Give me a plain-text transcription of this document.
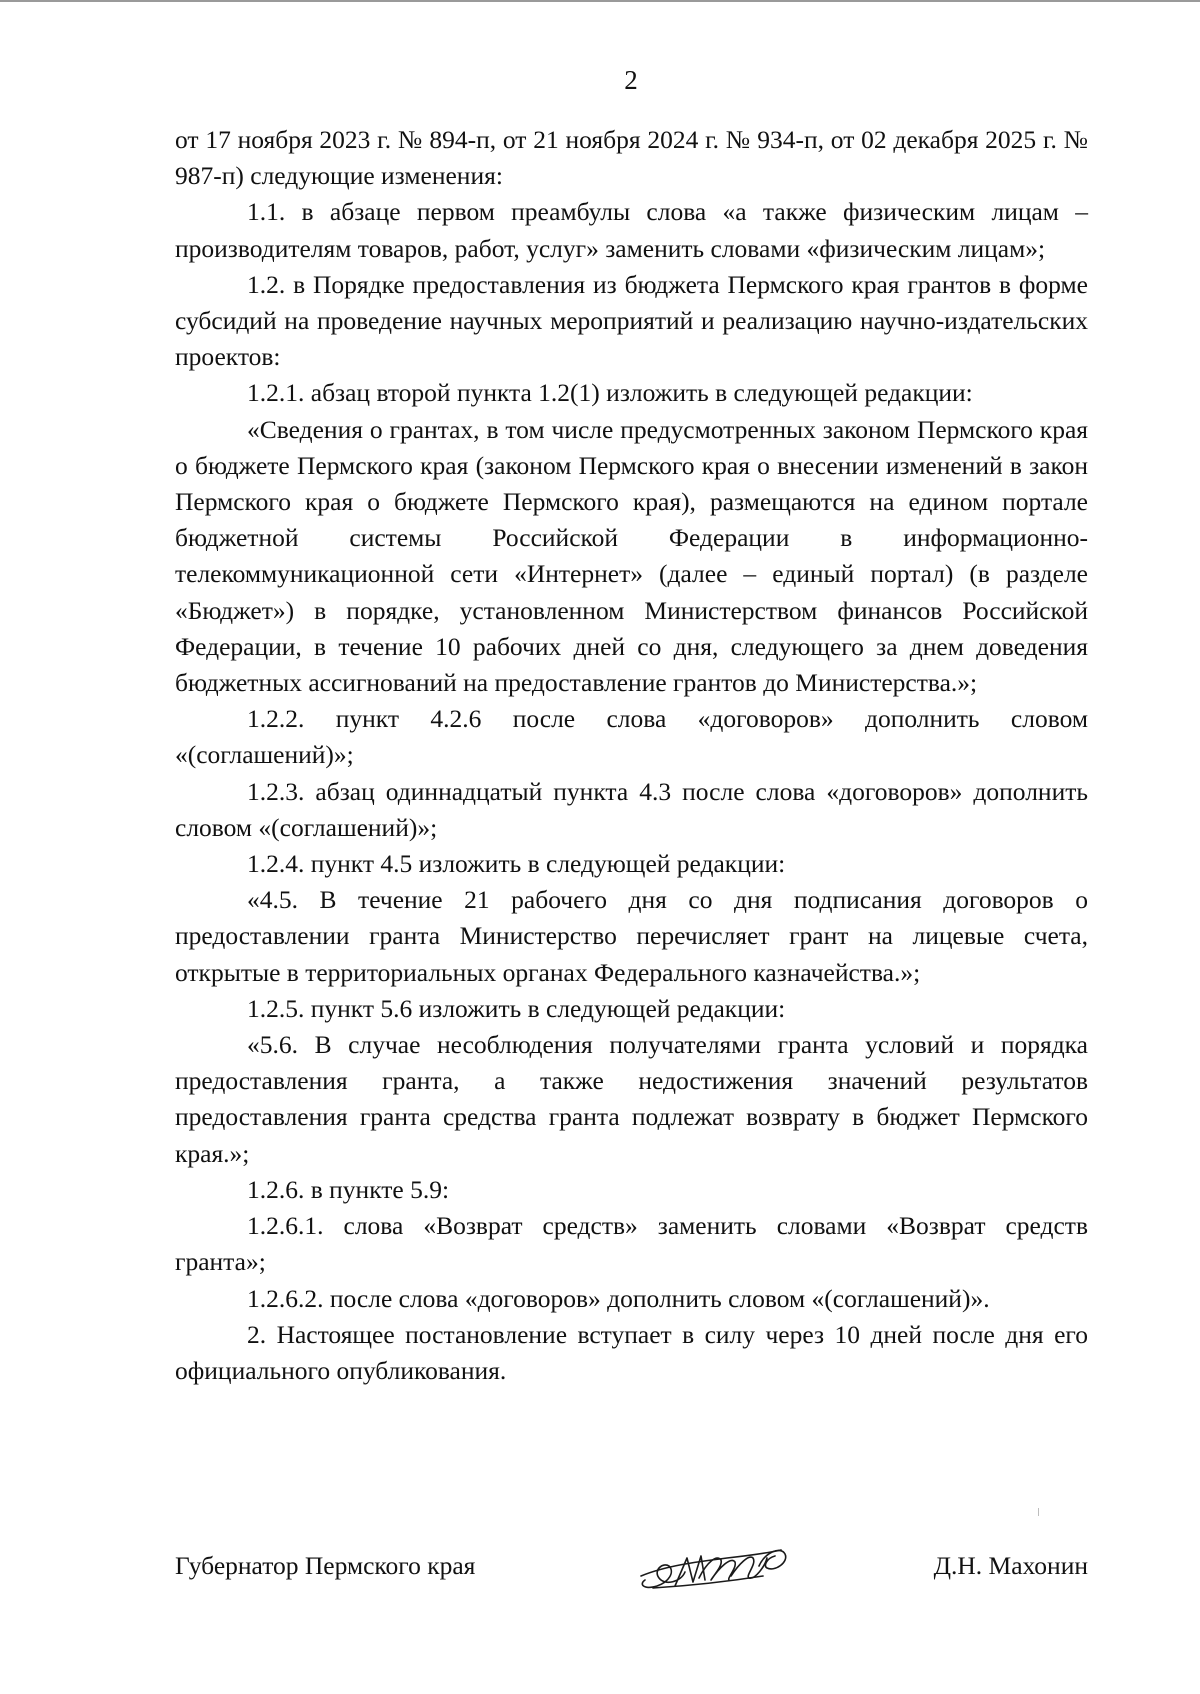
2

от 17 ноября 2023 г. № 894-п, от 21 ноября 2024 г. № 934-п, от 02 декабря 2025 г. № 987-п) следующие изменения:

1.1. в абзаце первом преамбулы слова «а также физическим лицам – производителям товаров, работ, услуг» заменить словами «физическим лицам»;

1.2. в Порядке предоставления из бюджета Пермского края грантов в форме субсидий на проведение научных мероприятий и реализацию научно-издательских проектов:

1.2.1. абзац второй пункта 1.2(1) изложить в следующей редакции:

«Сведения о грантах, в том числе предусмотренных законом Пермского края о бюджете Пермского края (законом Пермского края о внесении изменений в закон Пермского края о бюджете Пермского края), размещаются на едином портале бюджетной системы Российской Федерации в информационно-телекоммуникационной сети «Интернет» (далее – единый портал) (в разделе «Бюджет») в порядке, установленном Министерством финансов Российской Федерации, в течение 10 рабочих дней со дня, следующего за днем доведения бюджетных ассигнований на предоставление грантов до Министерства.»;

1.2.2. пункт 4.2.6 после слова «договоров» дополнить словом «(соглашений)»;

1.2.3. абзац одиннадцатый пункта 4.3 после слова «договоров» дополнить словом «(соглашений)»;

1.2.4. пункт 4.5 изложить в следующей редакции:

«4.5. В течение 21 рабочего дня со дня подписания договоров о предоставлении гранта Министерство перечисляет грант на лицевые счета, открытые в территориальных органах Федерального казначейства.»;

1.2.5. пункт 5.6 изложить в следующей редакции:

«5.6. В случае несоблюдения получателями гранта условий и порядка предоставления гранта, а также недостижения значений результатов предоставления гранта средства гранта подлежат возврату в бюджет Пермского края.»;

1.2.6. в пункте 5.9:

1.2.6.1. слова «Возврат средств» заменить словами «Возврат средств гранта»;

1.2.6.2. после слова «договоров» дополнить словом «(соглашений)».

2. Настоящее постановление вступает в силу через 10 дней после дня его официального опубликования.

Губернатор Пермского края	Д.Н. Махонин
